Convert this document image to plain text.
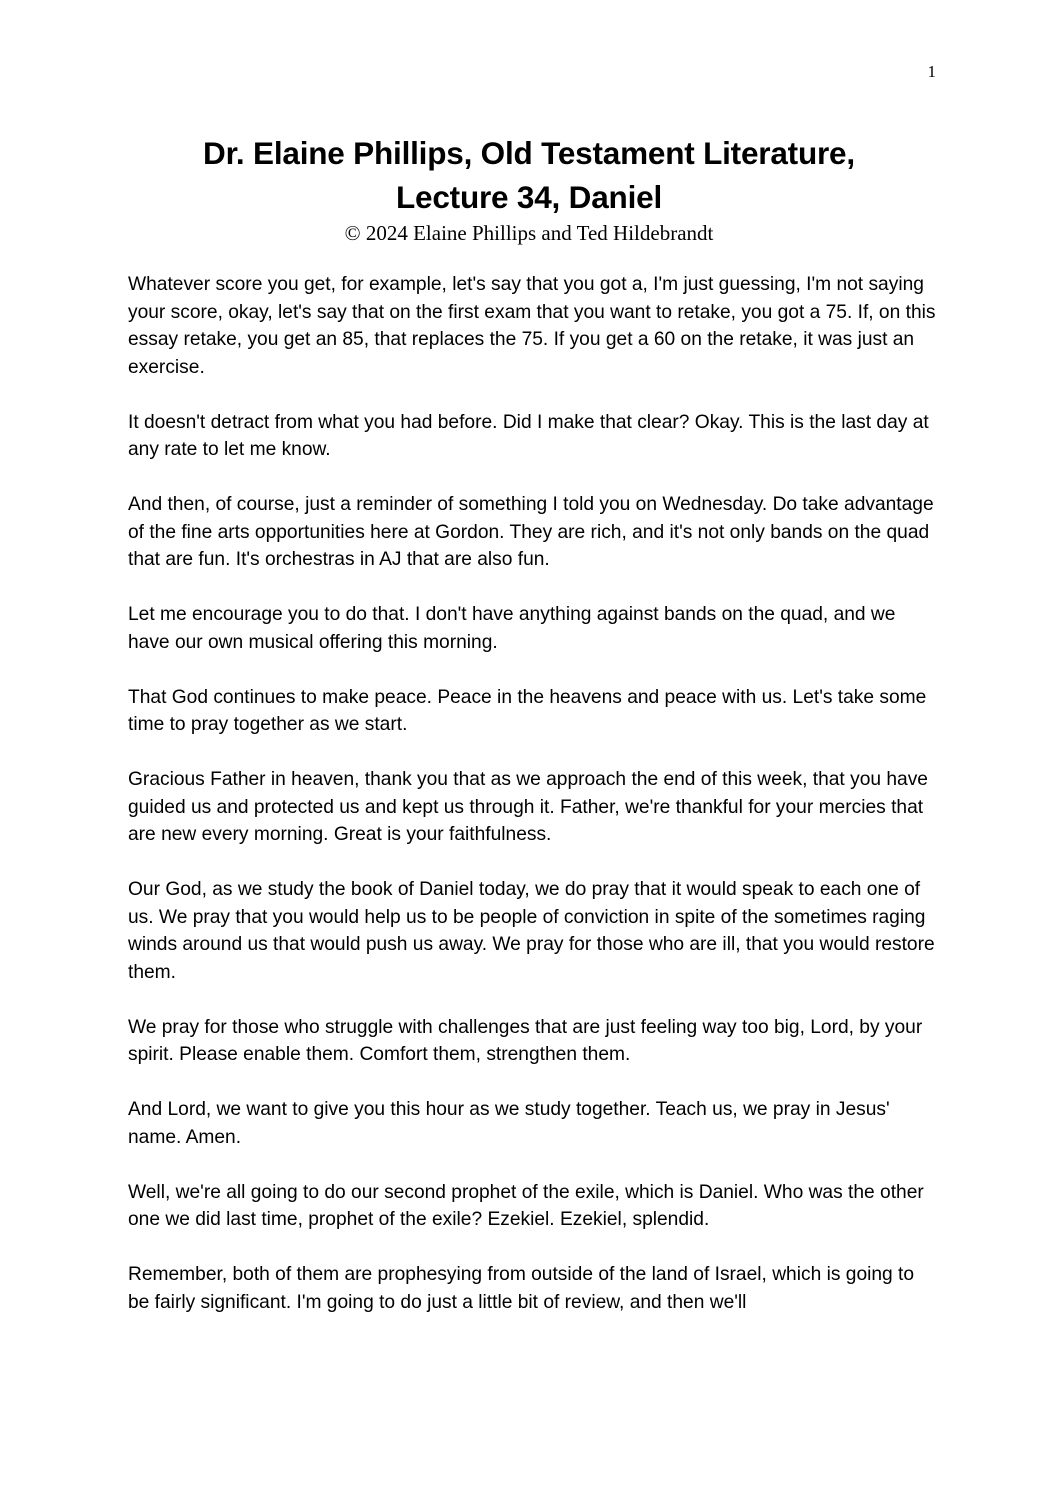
1
Dr. Elaine Phillips, Old Testament Literature,
Lecture 34, Daniel
© 2024 Elaine Phillips and Ted Hildebrandt

Whatever score you get, for example, let's say that you got a, I'm just guessing, I'm not saying your score, okay, let's say that on the first exam that you want to retake, you got a 75. If, on this essay retake, you get an 85, that replaces the 75. If you get a 60 on the retake, it was just an exercise.

It doesn't detract from what you had before. Did I make that clear? Okay. This is the last day at any rate to let me know.

And then, of course, just a reminder of something I told you on Wednesday. Do take advantage of the fine arts opportunities here at Gordon. They are rich, and it's not only bands on the quad that are fun. It's orchestras in AJ that are also fun.

Let me encourage you to do that. I don't have anything against bands on the quad, and we have our own musical offering this morning.

That God continues to make peace. Peace in the heavens and peace with us. Let's take some time to pray together as we start.

Gracious Father in heaven, thank you that as we approach the end of this week, that you have guided us and protected us and kept us through it. Father, we're thankful for your mercies that are new every morning. Great is your faithfulness.

Our God, as we study the book of Daniel today, we do pray that it would speak to each one of us. We pray that you would help us to be people of conviction in spite of the sometimes raging winds around us that would push us away. We pray for those who are ill, that you would restore them.

We pray for those who struggle with challenges that are just feeling way too big, Lord, by your spirit. Please enable them. Comfort them, strengthen them.

And Lord, we want to give you this hour as we study together. Teach us, we pray in Jesus' name. Amen.

Well, we're all going to do our second prophet of the exile, which is Daniel. Who was the other one we did last time, prophet of the exile? Ezekiel. Ezekiel, splendid.

Remember, both of them are prophesying from outside of the land of Israel, which is going to be fairly significant. I'm going to do just a little bit of review, and then we'll
